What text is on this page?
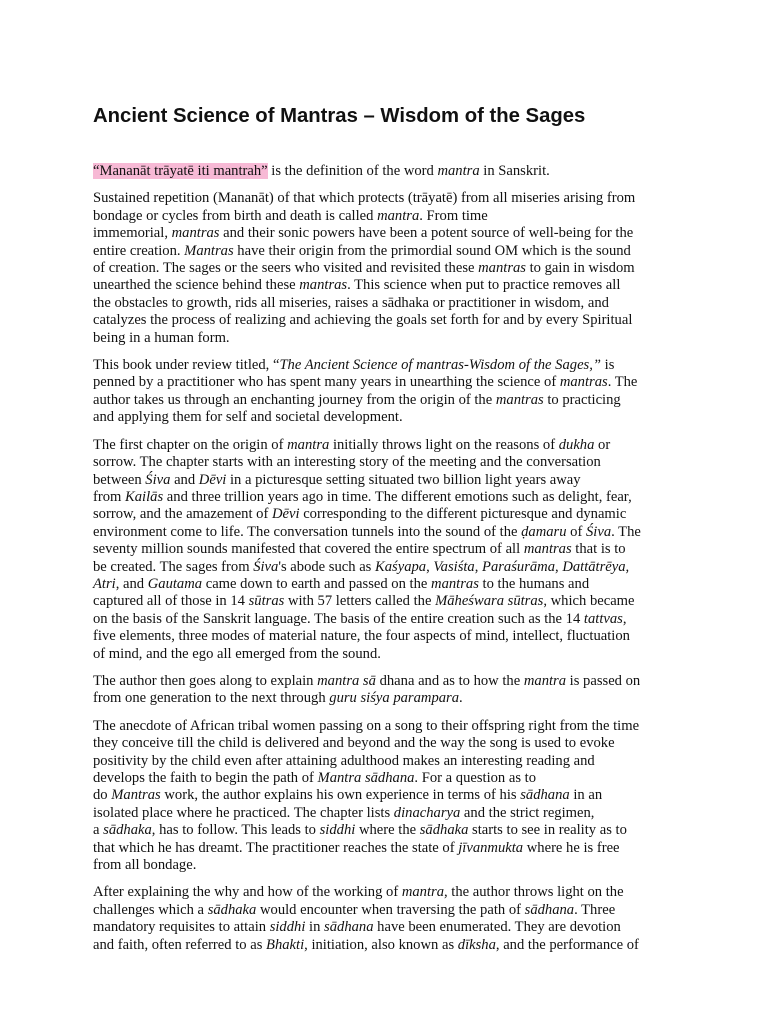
Ancient Science of Mantras – Wisdom of the Sages

“Mananāt trāyatē iti mantrah” is the definition of the word mantra in Sanskrit.

Sustained repetition (Mananāt) of that which protects (trāyatē) from all miseries arising from
bondage or cycles from birth and death is called mantra. From time
immemorial, mantras and their sonic powers have been a potent source of well-being for the
entire creation. Mantras have their origin from the primordial sound OM which is the sound
of creation. The sages or the seers who visited and revisited these mantras to gain in wisdom
unearthed the science behind these mantras. This science when put to practice removes all
the obstacles to growth, rids all miseries, raises a sādhaka or practitioner in wisdom, and
catalyzes the process of realizing and achieving the goals set forth for and by every Spiritual
being in a human form.

This book under review titled, “The Ancient Science of mantras-Wisdom of the Sages,” is
penned by a practitioner who has spent many years in unearthing the science of mantras. The
author takes us through an enchanting journey from the origin of the mantras to practicing
and applying them for self and societal development.

The first chapter on the origin of mantra initially throws light on the reasons of dukha or
sorrow. The chapter starts with an interesting story of the meeting and the conversation
between Śiva and Dēvi in a picturesque setting situated two billion light years away
from Kailās and three trillion years ago in time. The different emotions such as delight, fear,
sorrow, and the amazement of Dēvi corresponding to the different picturesque and dynamic
environment come to life. The conversation tunnels into the sound of the ḍamaru of Śiva. The
seventy million sounds manifested that covered the entire spectrum of all mantras that is to
be created. The sages from Śiva's abode such as Kaśyapa, Vasiśta, Paraśurāma, Dattātrēya,
Atri, and Gautama came down to earth and passed on the mantras to the humans and
captured all of those in 14 sūtras with 57 letters called the Māheśwara sūtras, which became
on the basis of the Sanskrit language. The basis of the entire creation such as the 14 tattvas,
five elements, three modes of material nature, the four aspects of mind, intellect, fluctuation
of mind, and the ego all emerged from the sound.

The author then goes along to explain mantra sā dhana and as to how the mantra is passed on
from one generation to the next through guru siśya parampara.

The anecdote of African tribal women passing on a song to their offspring right from the time
they conceive till the child is delivered and beyond and the way the song is used to evoke
positivity by the child even after attaining adulthood makes an interesting reading and
develops the faith to begin the path of Mantra sādhana. For a question as to
do Mantras work, the author explains his own experience in terms of his sādhana in an
isolated place where he practiced. The chapter lists dinacharya and the strict regimen,
a sādhaka, has to follow. This leads to siddhi where the sādhaka starts to see in reality as to
that which he has dreamt. The practitioner reaches the state of jīvanmukta where he is free
from all bondage.

After explaining the why and how of the working of mantra, the author throws light on the
challenges which a sādhaka would encounter when traversing the path of sādhana. Three
mandatory requisites to attain siddhi in sādhana have been enumerated. They are devotion
and faith, often referred to as Bhakti, initiation, also known as dīksha, and the performance of
